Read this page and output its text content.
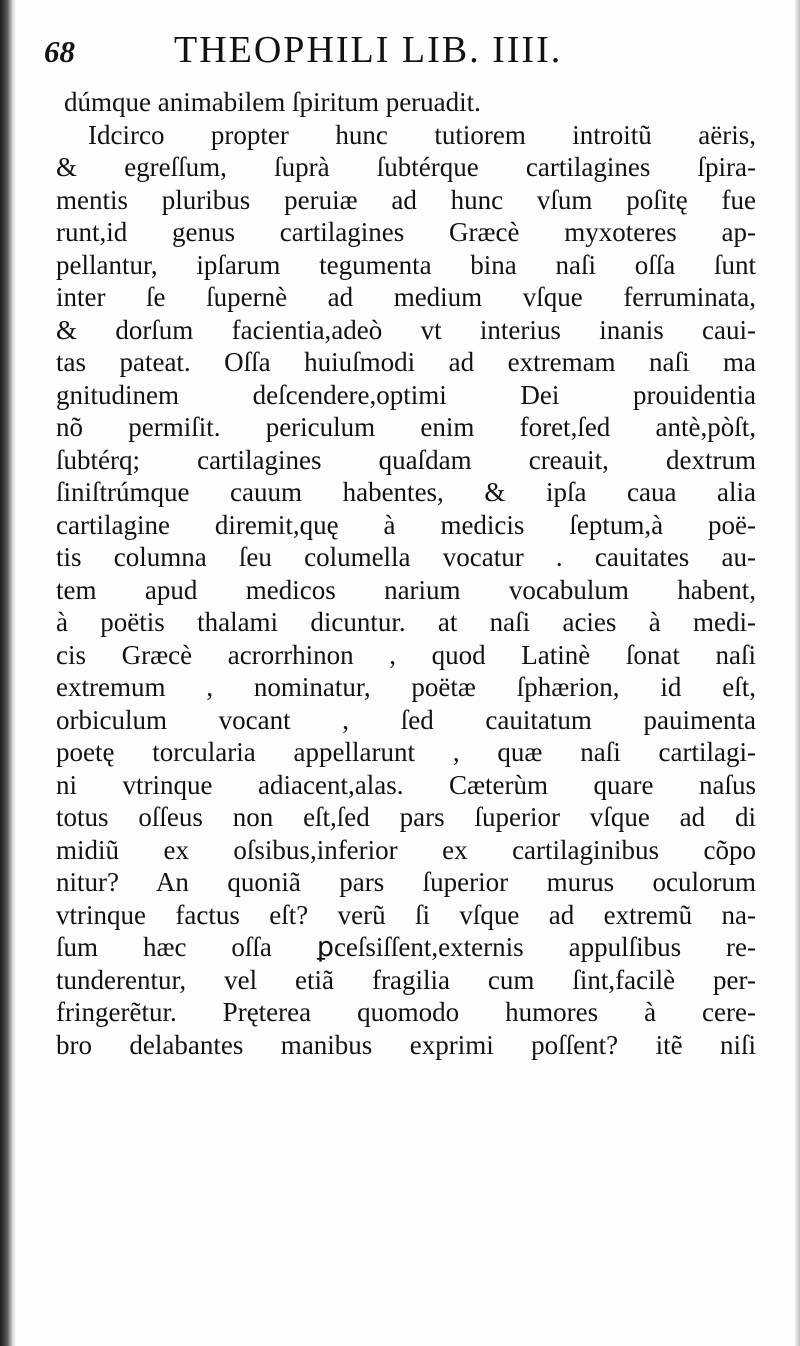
68	THEOPHILI LIB. IIII.
dúmque animabilem ſpiritum peruadit.
Idcirco propter hunc tutiorem introitũ aëris,
& egreſſum, ſuprà ſubtérque cartilagines ſpira-
mentis pluribus peruiæ ad hunc vſum poſitę fue
runt,id genus cartilagines Græcè myxoteres ap-
pellantur, ipſarum tegumenta bina naſi oſſa ſunt
inter ſe ſupernè ad medium vſque ferruminata,
& dorſum facientia,adeò vt interius inanis caui-
tas pateat. Oſſa huiuſmodi ad extremam naſi ma
gnitudinem deſcendere,optimi Dei prouidentia
nõ permiſit. periculum enim foret,ſed antè,pòſt,
ſubtérq; cartilagines quaſdam creauit, dextrum
ſiniſtrúmque cauum habentes, & ipſa caua alia
cartilagine diremit,quę à medicis ſeptum,à poë-
tis columna ſeu columella vocatur . cauitates au-
tem apud medicos narium vocabulum habent,
à poëtis thalami dicuntur. at naſi acies à medi-
cis Græcè acrorrhinon , quod Latinè ſonat naſi
extremum , nominatur, poëtæ ſphærion, id eſt,
orbiculum vocant , ſed cauitatum pauimenta
poetę torcularia appellarunt , quæ naſi cartilagi-
ni vtrinque adiacent,alas. Cæterùm quare naſus
totus oſſeus non eſt,ſed pars ſuperior vſque ad di
midiũ ex oſsibus,inferior ex cartilaginibus cõpo
nitur? An quoniã pars ſuperior murus oculorum
vtrinque factus eſt? verũ ſi vſque ad extremũ na-
ſum hæc oſſa ꝑceſsiſſent,externis appulſibus re-
tunderentur, vel etiã fragilia cum ſint,facilè per-
fringerẽtur. Pręterea quomodo humores à cere-
bro delabantes manibus exprimi poſſent? itẽ niſi
